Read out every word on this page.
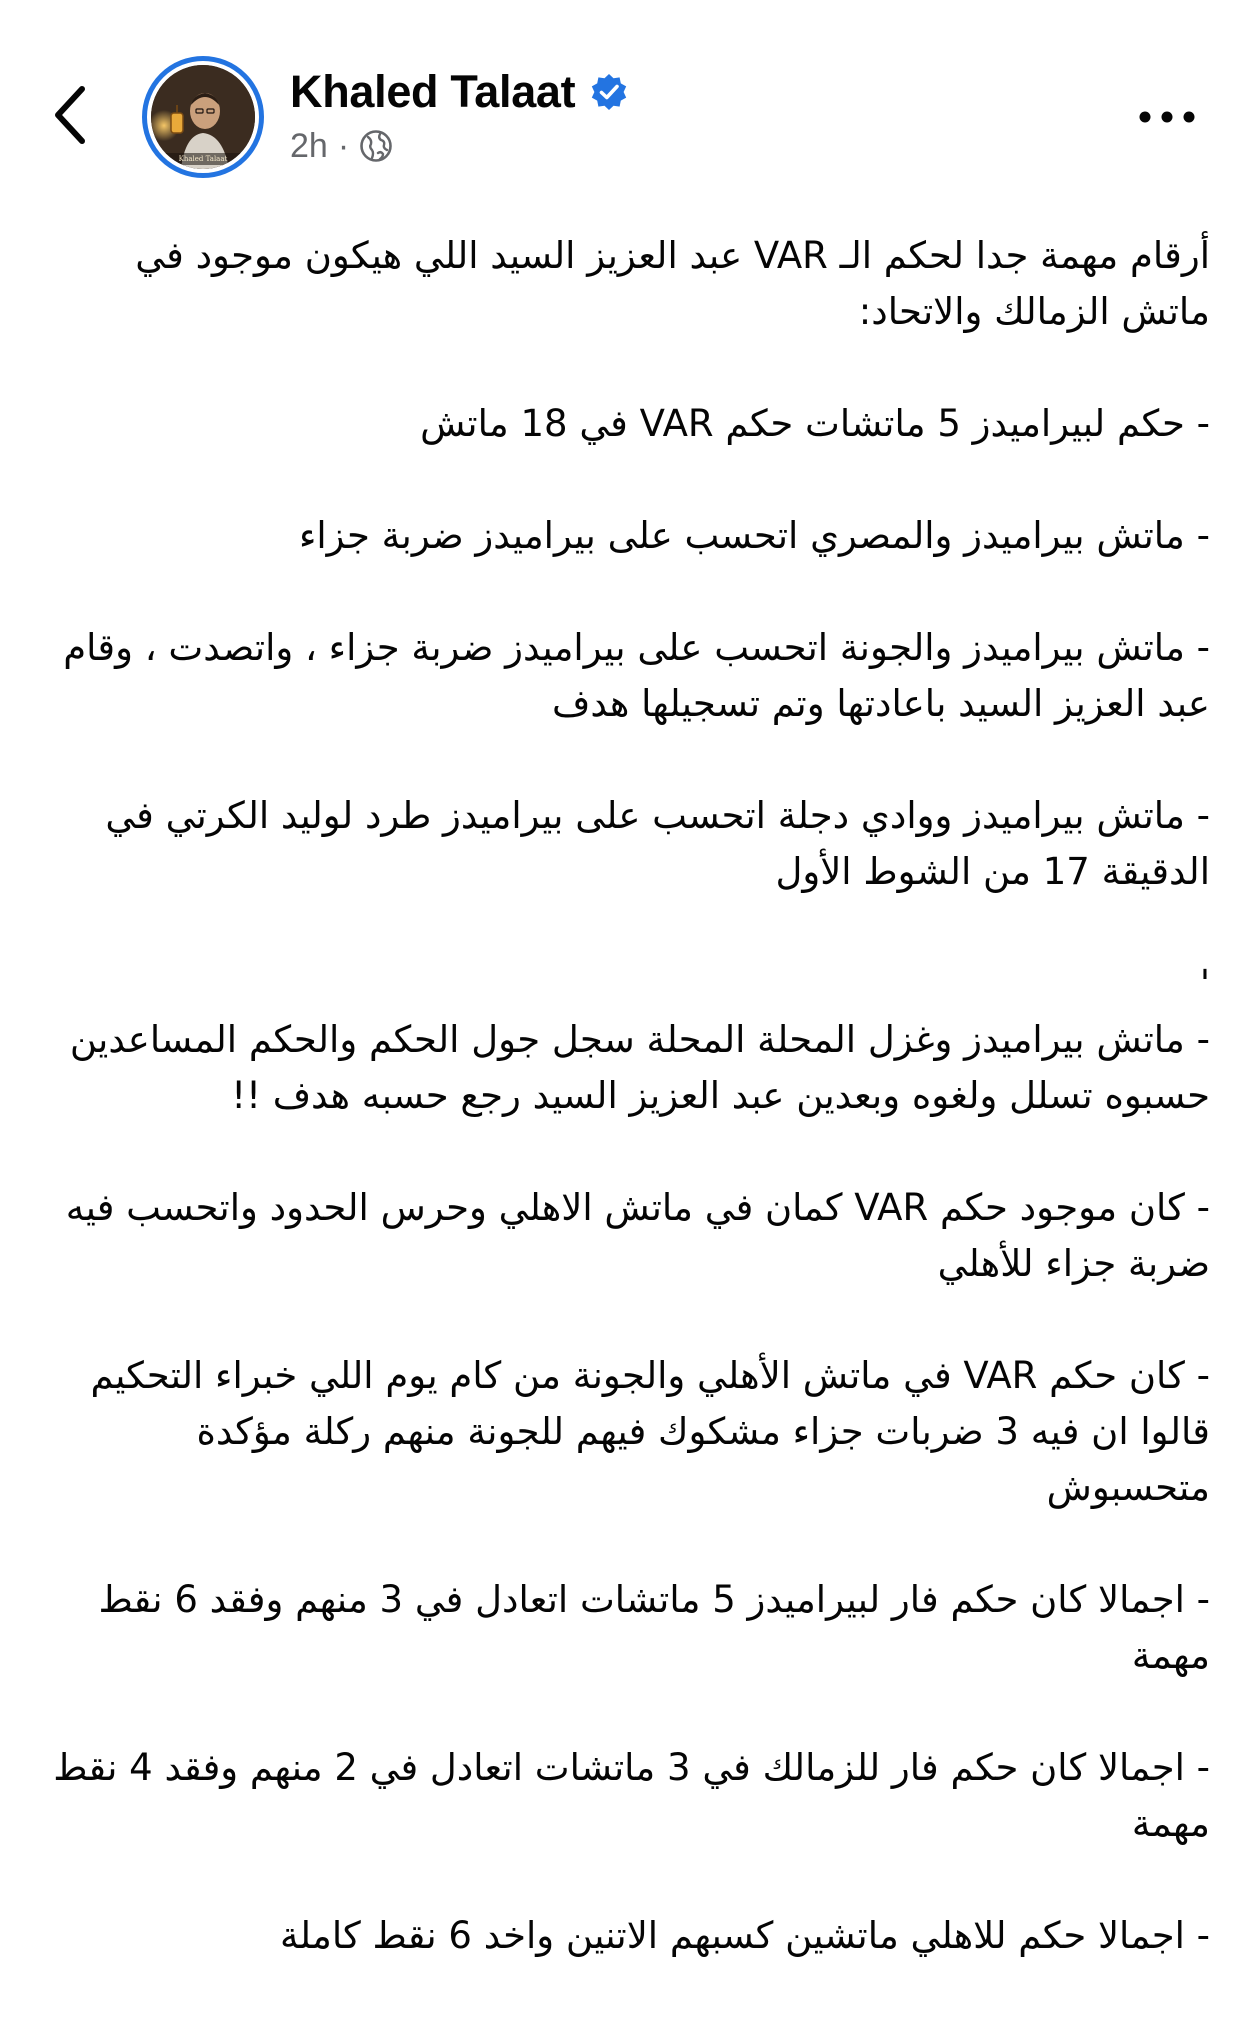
Khaled Talaat
Khaled Talaat
2h ·

أرقام مهمة جدا لحكم الـ VAR عبد العزيز السيد اللي هيكون موجود في ماتش الزمالك والاتحاد:

- حكم لبيراميدز 5 ماتشات حكم VAR في 18 ماتش

- ماتش بيراميدز والمصري اتحسب على بيراميدز ضربة جزاء

- ماتش بيراميدز والجونة اتحسب على بيراميدز ضربة جزاء ، واتصدت ، وقام عبد العزيز السيد باعادتها وتم تسجيلها هدف

- ماتش بيراميدز ووادي دجلة اتحسب على بيراميدز طرد لوليد الكرتي في الدقيقة 17 من الشوط الأول

'
- ماتش بيراميدز وغزل المحلة المحلة سجل جول الحكم والحكم المساعدين حسبوه تسلل ولغوه وبعدين عبد العزيز السيد رجع حسبه هدف !!

- كان موجود حكم VAR كمان في ماتش الاهلي وحرس الحدود واتحسب فيه ضربة جزاء للأهلي

- كان حكم VAR في ماتش الأهلي والجونة من كام يوم اللي خبراء التحكيم قالوا ان فيه 3 ضربات جزاء مشكوك فيهم للجونة منهم ركلة مؤكدة متحسبوش

- اجمالا كان حكم فار لبيراميدز 5 ماتشات اتعادل في 3 منهم وفقد 6 نقط مهمة

- اجمالا كان حكم فار للزمالك في 3 ماتشات اتعادل في 2 منهم وفقد 4 نقط مهمة

- اجمالا حكم للاهلي ماتشين كسبهم الاتنين واخد 6 نقط كاملة
